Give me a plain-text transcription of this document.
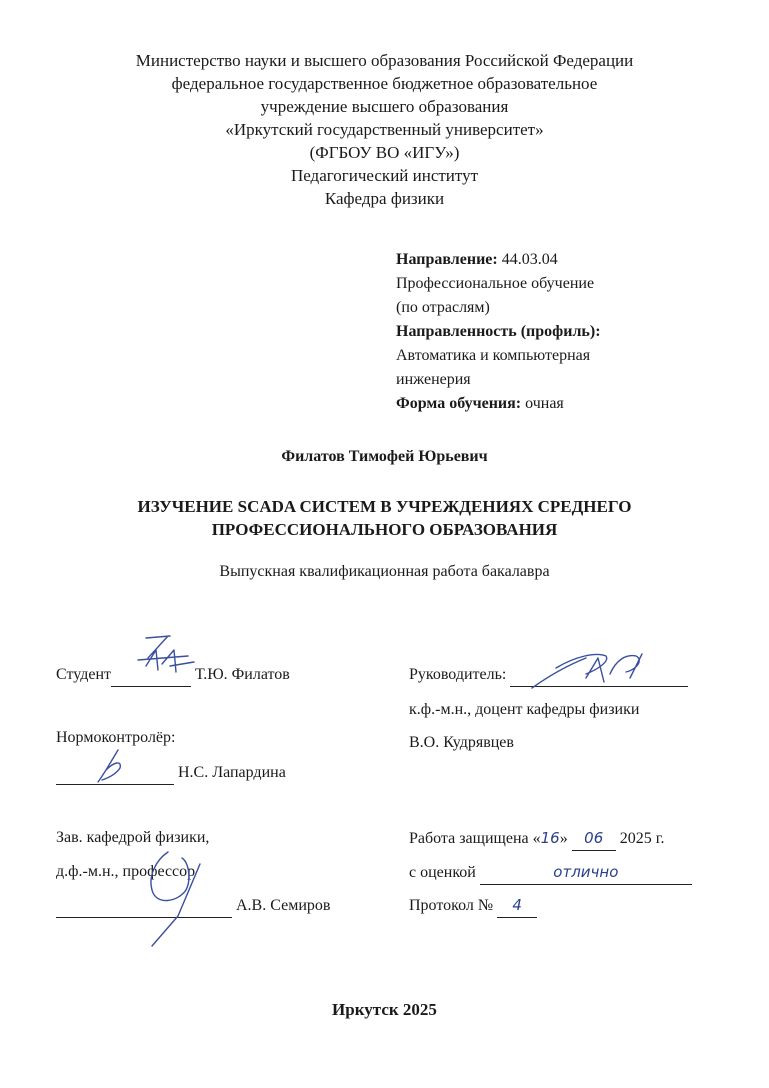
Министерство науки и высшего образования Российской Федерации
федеральное государственное бюджетное образовательное
учреждение высшего образования
«Иркутский государственный университет»
(ФГБОУ ВО «ИГУ»)
Педагогический институт
Кафедра физики
Направление: 44.03.04
Профессиональное обучение
(по отраслям)
Направленность (профиль):
Автоматика и компьютерная
инженерия
Форма обучения: очная
Филатов Тимофей Юрьевич
ИЗУЧЕНИЕ SCADA СИСТЕМ В УЧРЕЖДЕНИЯХ СРЕДНЕГО
ПРОФЕССИОНАЛЬНОГО ОБРАЗОВАНИЯ
Выпускная квалификационная работа бакалавра
Студент	Т.Ю. Филатов	Руководитель:
к.ф.-м.н., доцент кафедры физики
В.О. Кудрявцев
Нормоконтролёр:
Н.С. Лапардина
Зав. кафедрой физики,
д.ф.-м.н., профессор
А.В. Семиров
Работа защищена «16» 06 2025 г.
с оценкой	отлично
Протокол № 4
Иркутск 2025
